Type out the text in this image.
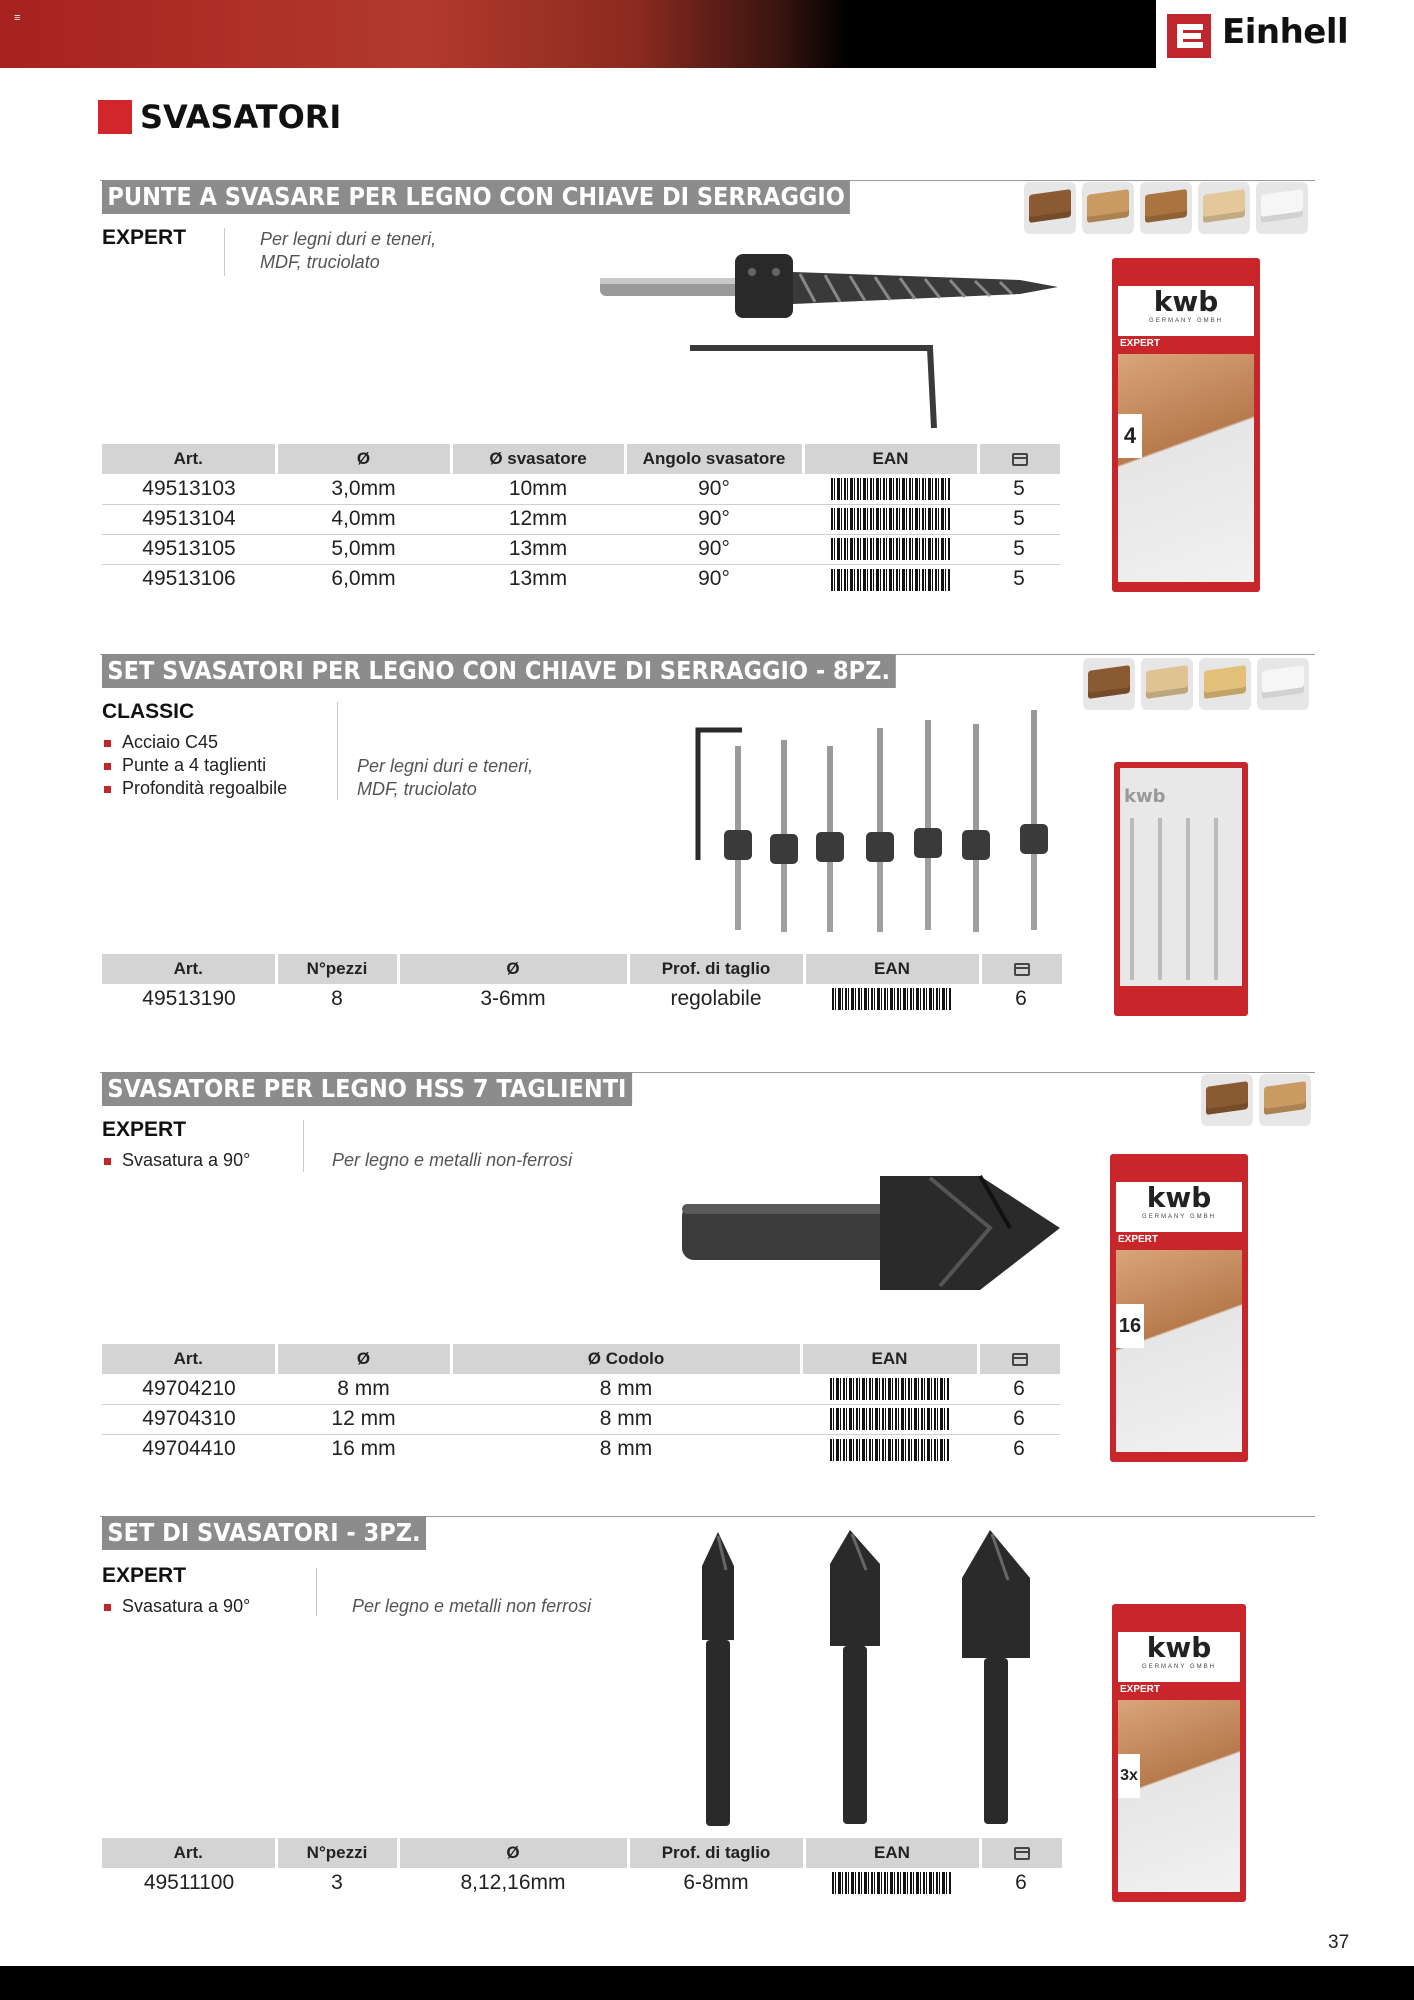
≡	Einhell
SVASATORI
PUNTE A SVASARE PER LEGNO CON CHIAVE DI SERRAGGIO
EXPERT	Per legni duri e teneri,
MDF, truciolato
Art.	Ø	Ø svasatore	Angolo svasatore	EAN	
49513103	3,0mm	10mm	90°		5
49513104	4,0mm	12mm	90°		5
49513105	5,0mm	13mm	90°		5
49513106	6,0mm	13mm	90°		5
kwb
GERMANY GMBH
EXPERT
4
SET SVASATORI PER LEGNO CON CHIAVE DI SERRAGGIO - 8PZ.
CLASSIC
Acciaio C45
Punte a 4 taglienti
Profondità regoalbile
Per legni duri e teneri,
MDF, truciolato
Art.	N°pezzi	Ø	Prof. di taglio	EAN	
49513190	8	3-6mm	regolabile		6
kwb
SVASATORE PER LEGNO HSS 7 TAGLIENTI
EXPERT
Svasatura a 90°	Per legno e metalli non-ferrosi
Art.	Ø	Ø Codolo	EAN	
49704210	8 mm	8 mm		6
49704310	12 mm	8 mm		6
49704410	16 mm	8 mm		6
kwb
GERMANY GMBH
EXPERT
16
SET DI SVASATORI - 3PZ.
EXPERT
Svasatura a 90°	Per legno e metalli non ferrosi
Art.	N°pezzi	Ø	Prof. di taglio	EAN	
49511100	3	8,12,16mm	6-8mm		6
kwb
GERMANY GMBH
EXPERT
3x
37
